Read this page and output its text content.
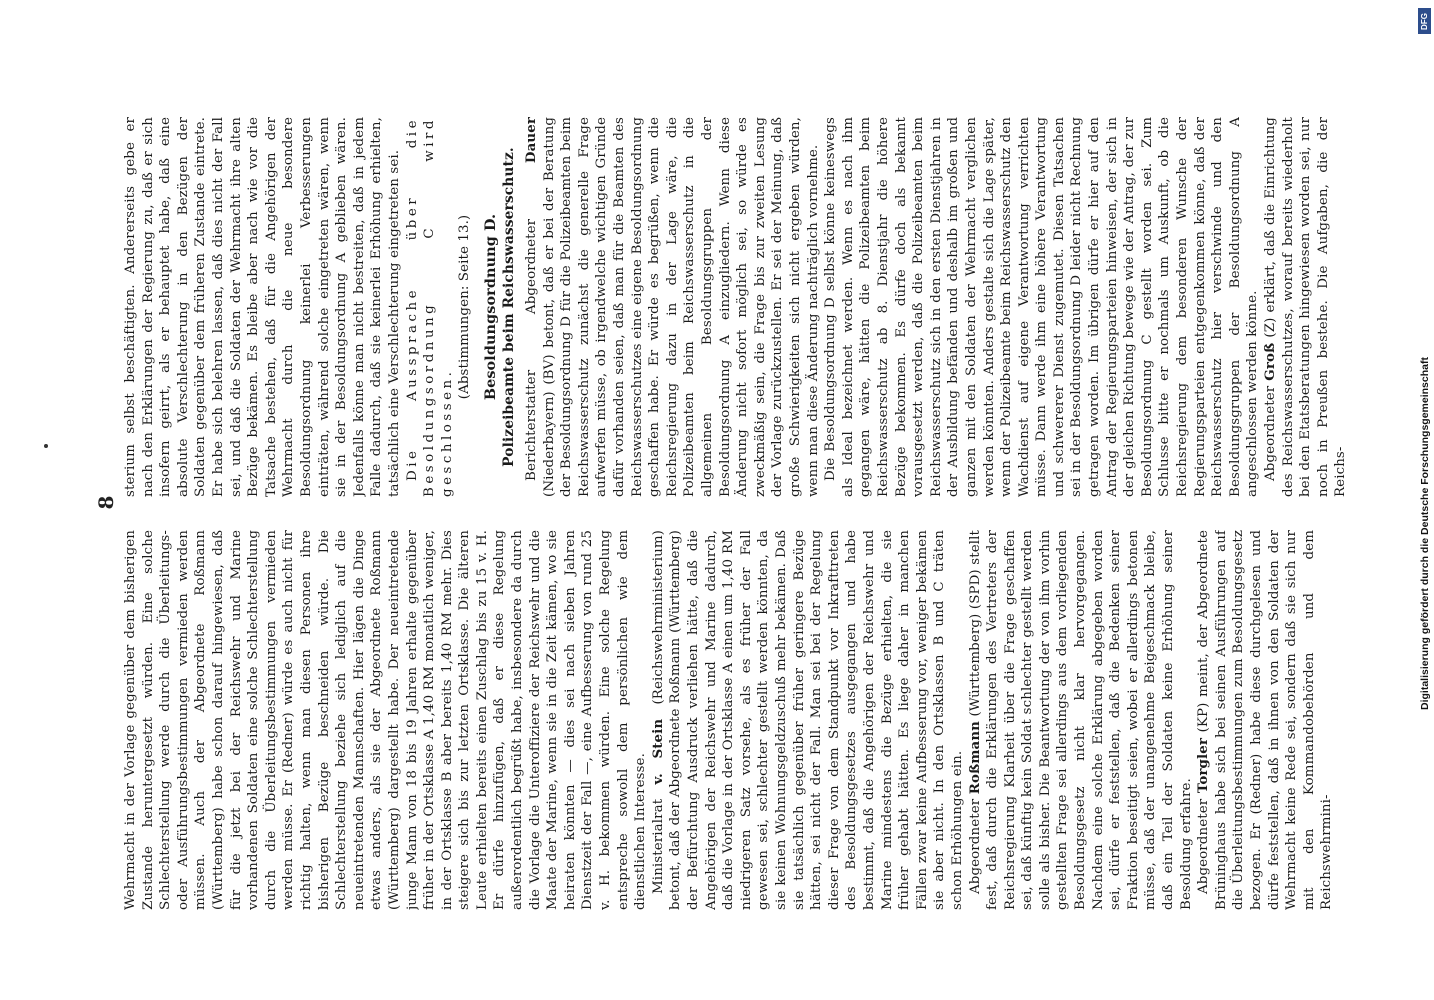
8

Wehrmacht in der Vorlage gegenüber dem bisherigen Zustande heruntergesetzt würden. Eine solche Schlechterstellung werde durch die Überleitungs- oder Ausführungsbestimmungen vermieden werden müssen. Auch der Abgeordnete Roßmann (Württemberg) habe schon darauf hingewiesen, daß für die jetzt bei der Reichswehr und Marine vorhandenen Soldaten eine solche Schlechterstellung durch die Überleitungsbestimmungen vermieden werden müsse. Er (Redner) würde es auch nicht für richtig halten, wenn man diesen Personen ihre bisherigen Bezüge beschneiden würde. Die Schlechterstellung beziehe sich lediglich auf die neueintretenden Mannschaften. Hier lägen die Dinge etwas anders, als sie der Abgeordnete Roßmann (Württemberg) dargestellt habe. Der neueintretende junge Mann von 18 bis 19 Jahren erhalte gegenüber früher in der Ortsklasse A 1,40 RM monatlich weniger, in der Ortsklasse B aber bereits 1,40 RM mehr. Dies steigere sich bis zur letzten Ortsklasse. Die älteren Leute erhielten bereits einen Zuschlag bis zu 15 v. H. Er dürfe hinzufügen, daß er diese Regelung außerordentlich begrüßt habe, insbesondere da durch die Vorlage die Unteroffiziere der Reichswehr und die Maate der Marine, wenn sie in die Zeit kämen, wo sie heiraten könnten — dies sei nach sieben Jahren Dienstzeit der Fall —, eine Aufbesserung von rund 25 v. H. bekommen würden. Eine solche Regelung entspreche sowohl dem persönlichen wie dem dienstlichen Interesse. Ministerialrat v. Stein (Reichswehrministerium) betont, daß der Abgeordnete Roßmann (Württemberg) der Befürchtung Ausdruck verliehen hätte, daß die Angehörigen der Reichswehr und Marine dadurch, daß die Vorlage in der Ortsklasse A einen um 1,40 RM niedrigeren Satz vorsehe, als es früher der Fall gewesen sei, schlechter gestellt werden könnten, da sie keinen Wohnungsgeldzuschuß mehr bekämen. Daß sie tatsächlich gegenüber früher geringere Bezüge hätten, sei nicht der Fall. Man sei bei der Regelung dieser Frage von dem Standpunkt vor Inkrafttreten des Besoldungsgesetzes ausgegangen und habe bestimmt, daß die Angehörigen der Reichswehr und Marine mindestens die Bezüge erhielten, die sie früher gehabt hätten. Es liege daher in manchen Fällen zwar keine Aufbesserung vor, weniger bekämen sie aber nicht. In den Ortsklassen B und C träten schon Erhöhungen ein. Abgeordneter Roßmann (Württemberg) (SPD) stellt fest, daß durch die Erklärungen des Vertreters der Reichsregierung Klarheit über die Frage geschaffen sei, daß künftig kein Soldat schlechter gestellt werden solle als bisher. Die Beantwortung der von ihm vorhin gestellten Frage sei allerdings aus dem vorliegenden Besoldungsgesetz nicht klar hervorgegangen. Nachdem eine solche Erklärung abgegeben worden sei, dürfe er feststellen, daß die Bedenken seiner Fraktion beseitigt seien, wobei er allerdings betonen müsse, daß der unangenehme Beigeschmack bleibe, daß ein Teil der Soldaten keine Erhöhung seiner Besoldung erfahre. Abgeordneter Torgler (KP) meint, der Abgeordnete Brüninghaus habe sich bei seinen Ausführungen auf die Überleitungsbestimmungen zum Besoldungsgesetz bezogen. Er (Redner) habe diese durchgelesen und dürfe feststellen, daß in ihnen von den Soldaten der Wehrmacht keine Rede sei, sondern daß sie sich nur mit den Kommandobehörden und dem Reichswehrmini-

sterium selbst beschäftigten. Andererseits gebe er nach den Erklärungen der Regierung zu, daß er sich insofern geirrt, als er behauptet habe, daß eine absolute Verschlechterung in den Bezügen der Soldaten gegenüber dem früheren Zustande eintrete. Er habe sich belehren lassen, daß dies nicht der Fall sei, und daß die Soldaten der Wehrmacht ihre alten Bezüge bekämen. Es bleibe aber nach wie vor die Tatsache bestehen, daß für die Angehörigen der Wehrmacht durch die neue besondere Besoldungsordnung keinerlei Verbesserungen einträten, während solche eingetreten wären, wenn sie in der Besoldungsordnung A geblieben wären. Jedenfalls könne man nicht bestreiten, daß in jedem Falle dadurch, daß sie keinerlei Erhöhung erhielten, tatsächlich eine Verschlechterung eingetreten sei. Die Aussprache über die Besoldungsordnung C wird geschlossen.

(Abstimmungen: Seite 13.) Besoldungsordnung D. Polizeibeamte beim Reichswasserschutz. Berichterstatter Abgeordneter Dauer (Niederbayern) (BV) betont, daß er bei der Beratung der Besoldungsordnung D für die Polizeibeamten beim Reichswasserschutz zunächst die generelle Frage aufwerfen müsse, ob irgendwelche wichtigen Gründe dafür vorhanden seien, daß man für die Beamten des Reichswasserschutzes eine eigene Besoldungsordnung geschaffen habe. Er würde es begrüßen, wenn die Reichsregierung dazu in der Lage wäre, die Polizeibeamten beim Reichswasserschutz in die allgemeinen Besoldungsgruppen der Besoldungsordnung A einzugliedern. Wenn diese Änderung nicht sofort möglich sei, so würde es zweckmäßig sein, die Frage bis zur zweiten Lesung der Vorlage zurückzustellen. Er sei der Meinung, daß große Schwierigkeiten sich nicht ergeben würden, wenn man diese Änderung nachträglich vornehme. Die Besoldungsordnung D selbst könne keineswegs als Ideal bezeichnet werden. Wenn es nach ihm gegangen wäre, hätten die Polizeibeamten beim Reichswasserschutz ab 8. Dienstjahr die höhere Bezüge bekommen. Es dürfe doch als bekannt vorausgesetzt werden, daß die Polizeibeamten beim Reichswasserschutz sich in den ersten Dienstjahren in der Ausbildung befänden und deshalb im großen und ganzen mit den Soldaten der Wehrmacht verglichen werden könnten. Anders gestalte sich die Lage später, wenn der Polizeibeamte beim Reichswasserschutz den Wachdienst auf eigene Verantwortung verrichten müsse. Dann werde ihm eine höhere Verantwortung und schwererer Dienst zugemutet. Diesen Tatsachen sei in der Besoldungsordnung D leider nicht Rechnung getragen worden. Im übrigen dürfe er hier auf den Antrag der Regierungsparteien hinweisen, der sich in der gleichen Richtung bewege wie der Antrag, der zur Besoldungsordnung C gestellt worden sei. Zum Schlusse bitte er nochmals um Auskunft, ob die Reichsregierung dem besonderen Wunsche der Regierungsparteien entgegenkommen könne, daß der Reichswasserschutz hier verschwinde und den Besoldungsgruppen der Besoldungsordnung A angeschlossen werden könne. Abgeordneter Groß (Z) erklärt, daß die Einrichtung des Reichswasserschutzes, worauf bereits wiederholt bei den Etatsberatungen hingewiesen worden sei, nur noch in Preußen bestehe. Die Aufgaben, die der Reichs-

DFG
Digitalisierung gefördert durch die Deutsche Forschungsgemeinschaft
